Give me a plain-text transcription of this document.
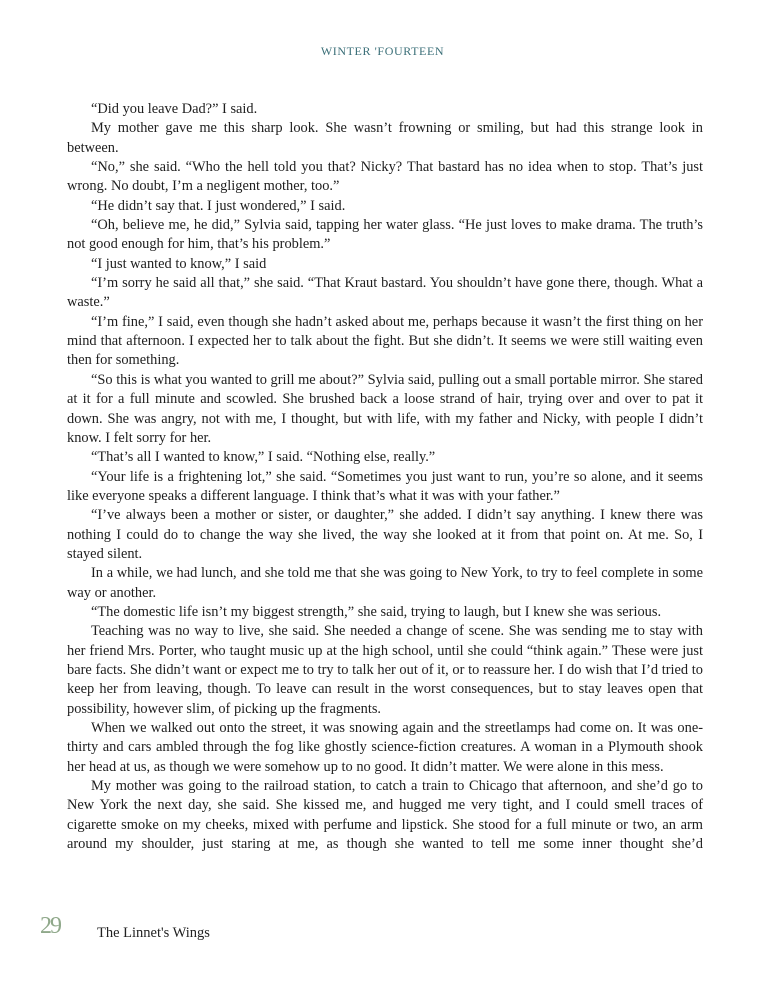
WINTER 'FOURTEEN

“Did you leave Dad?” I said.

My mother gave me this sharp look. She wasn’t frowning or smiling, but had this strange look in between.

“No,” she said. “Who the hell told you that? Nicky? That bastard has no idea when to stop. That’s just wrong. No doubt, I’m a negligent mother, too.”

“He didn’t say that. I just wondered,” I said.

“Oh, believe me, he did,” Sylvia said, tapping her water glass. “He just loves to make drama. The truth’s not good enough for him, that’s his problem.”

“I just wanted to know,” I said

“I’m sorry he said all that,” she said. “That Kraut bastard. You shouldn’t have gone there, though. What a waste.”

“I’m fine,” I said, even though she hadn’t asked about me, perhaps because it wasn’t the first thing on her mind that afternoon. I expected her to talk about the fight. But she didn’t. It seems we were still waiting even then for something.

“So this is what you wanted to grill me about?” Sylvia said, pulling out a small portable mirror. She stared at it for a full minute and scowled. She brushed back a loose strand of hair, trying over and over to pat it down. She was angry, not with me, I thought, but with life, with my father and Nicky, with people I didn’t know. I felt sorry for her.

“That’s all I wanted to know,” I said. “Nothing else, really.”

“Your life is a frightening lot,” she said. “Sometimes you just want to run, you’re so alone, and it seems like everyone speaks a different language. I think that’s what it was with your father.”

“I’ve always been a mother or sister, or daughter,” she added. I didn’t say anything. I knew there was nothing I could do to change the way she lived, the way she looked at it from that point on. At me. So, I stayed silent.

In a while, we had lunch, and she told me that she was going to New York, to try to feel complete in some way or another.

“The domestic life isn’t my biggest strength,” she said, trying to laugh, but I knew she was serious.

Teaching was no way to live, she said. She needed a change of scene. She was sending me to stay with her friend Mrs. Porter, who taught music up at the high school, until she could “think again.” These were just bare facts. She didn’t want or expect me to try to talk her out of it, or to reassure her. I do wish that I’d tried to keep her from leaving, though. To leave can result in the worst consequences, but to stay leaves open that possibility, however slim, of picking up the fragments.

When we walked out onto the street, it was snowing again and the streetlamps had come on. It was one-thirty and cars ambled through the fog like ghostly science-fiction creatures. A woman in a Plymouth shook her head at us, as though we were somehow up to no good. It didn’t matter. We were alone in this mess.

My mother was going to the railroad station, to catch a train to Chicago that afternoon, and she’d go to New York the next day, she said. She kissed me, and hugged me very tight, and I could smell traces of cigarette smoke on my cheeks, mixed with perfume and lipstick. She stood for a full minute or two, an arm around my shoulder, just staring at me, as though she wanted to tell me some inner thought she’d

29	The Linnet's Wings
